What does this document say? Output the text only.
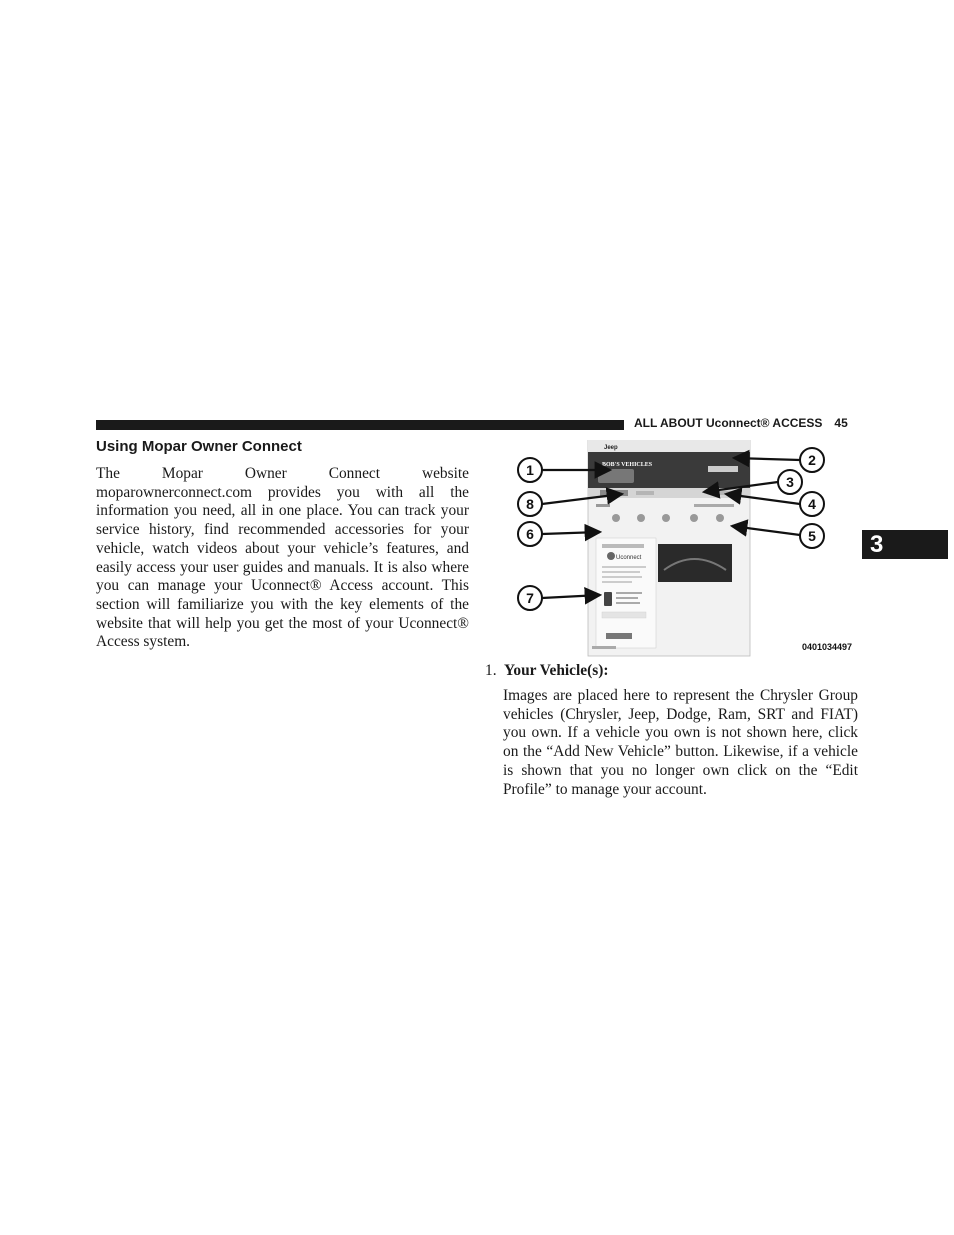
ALL ABOUT Uconnect® ACCESS 45
3
Using Mopar Owner Connect
The Mopar Owner Connect website moparownerconnect.com provides you with all the information you need, all in one place. You can track your service history, find recommended accessories for your vehicle, watch videos about your vehicle’s features, and easily access your user guides and manuals. It is also where you can manage your Uconnect® Access account. This section will familiarize you with the key elements of the website that will help you get the most of your Uconnect® Access system.
Jeep
BOB'S VEHICLES
Uconnect
1
2
3
4
8
6	5
7
0401034497
1. Your Vehicle(s):
Images are placed here to represent the Chrysler Group vehicles (Chrysler, Jeep, Dodge, Ram, SRT and FIAT) you own. If a vehicle you own is not shown here, click on the “Add New Vehicle” button. Likewise, if a vehicle is shown that you no longer own click on the “Edit Profile” to manage your account.
